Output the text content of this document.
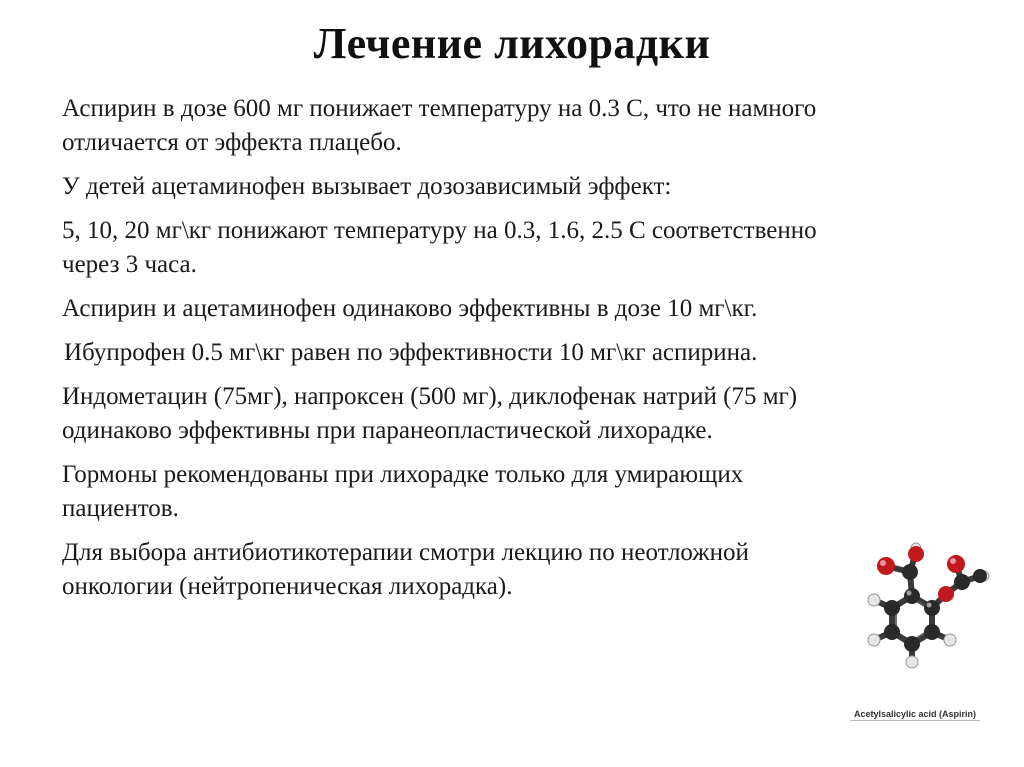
Лечение лихорадки

Аспирин в дозе 600 мг понижает температуру на 0.3 С, что не намного отличается от эффекта плацебо.

У детей ацетаминофен вызывает дозозависимый эффект:

5, 10, 20 мг\кг понижают температуру на 0.3, 1.6, 2.5 С соответственно через 3 часа.

Аспирин и ацетаминофен одинаково эффективны в дозе 10 мг\кг.

Ибупрофен 0.5 мг\кг равен по эффективности 10 мг\кг аспирина.

Индометацин (75мг), напроксен (500 мг), диклофенак натрий (75 мг) одинаково эффективны при паранеопластической лихорадке.

Гормоны рекомендованы при лихорадке только для умирающих пациентов.

Для выбора антибиотикотерапии смотри лекцию по неотложной онкологии (нейтропеническая лихорадка).

Acetylsalicylic acid (Aspirin)
